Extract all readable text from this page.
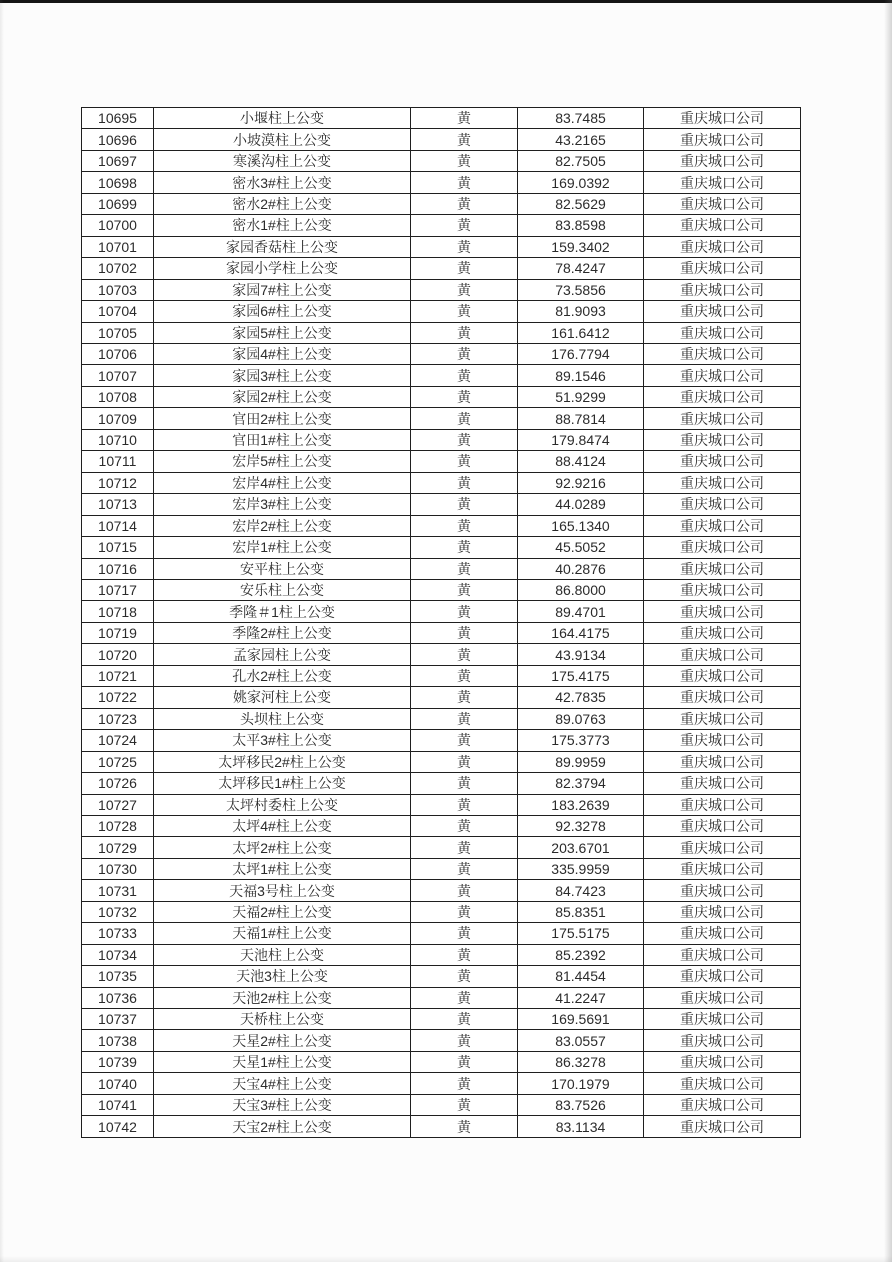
10695	小堰柱上公变	黄	83.7485	重庆城口公司
10696	小坡漠柱上公变	黄	43.2165	重庆城口公司
10697	寒溪沟柱上公变	黄	82.7505	重庆城口公司
10698	密水3#柱上公变	黄	169.0392	重庆城口公司
10699	密水2#柱上公变	黄	82.5629	重庆城口公司
10700	密水1#柱上公变	黄	83.8598	重庆城口公司
10701	家园香菇柱上公变	黄	159.3402	重庆城口公司
10702	家园小学柱上公变	黄	78.4247	重庆城口公司
10703	家园7#柱上公变	黄	73.5856	重庆城口公司
10704	家园6#柱上公变	黄	81.9093	重庆城口公司
10705	家园5#柱上公变	黄	161.6412	重庆城口公司
10706	家园4#柱上公变	黄	176.7794	重庆城口公司
10707	家园3#柱上公变	黄	89.1546	重庆城口公司
10708	家园2#柱上公变	黄	51.9299	重庆城口公司
10709	官田2#柱上公变	黄	88.7814	重庆城口公司
10710	官田1#柱上公变	黄	179.8474	重庆城口公司
10711	宏岸5#柱上公变	黄	88.4124	重庆城口公司
10712	宏岸4#柱上公变	黄	92.9216	重庆城口公司
10713	宏岸3#柱上公变	黄	44.0289	重庆城口公司
10714	宏岸2#柱上公变	黄	165.1340	重庆城口公司
10715	宏岸1#柱上公变	黄	45.5052	重庆城口公司
10716	安平柱上公变	黄	40.2876	重庆城口公司
10717	安乐柱上公变	黄	86.8000	重庆城口公司
10718	季隆＃1柱上公变	黄	89.4701	重庆城口公司
10719	季隆2#柱上公变	黄	164.4175	重庆城口公司
10720	孟家园柱上公变	黄	43.9134	重庆城口公司
10721	孔水2#柱上公变	黄	175.4175	重庆城口公司
10722	姚家河柱上公变	黄	42.7835	重庆城口公司
10723	头坝柱上公变	黄	89.0763	重庆城口公司
10724	太平3#柱上公变	黄	175.3773	重庆城口公司
10725	太坪移民2#柱上公变	黄	89.9959	重庆城口公司
10726	太坪移民1#柱上公变	黄	82.3794	重庆城口公司
10727	太坪村委柱上公变	黄	183.2639	重庆城口公司
10728	太坪4#柱上公变	黄	92.3278	重庆城口公司
10729	太坪2#柱上公变	黄	203.6701	重庆城口公司
10730	太坪1#柱上公变	黄	335.9959	重庆城口公司
10731	天福3号柱上公变	黄	84.7423	重庆城口公司
10732	天福2#柱上公变	黄	85.8351	重庆城口公司
10733	天福1#柱上公变	黄	175.5175	重庆城口公司
10734	天池柱上公变	黄	85.2392	重庆城口公司
10735	天池3柱上公变	黄	81.4454	重庆城口公司
10736	天池2#柱上公变	黄	41.2247	重庆城口公司
10737	天桥柱上公变	黄	169.5691	重庆城口公司
10738	天星2#柱上公变	黄	83.0557	重庆城口公司
10739	天星1#柱上公变	黄	86.3278	重庆城口公司
10740	天宝4#柱上公变	黄	170.1979	重庆城口公司
10741	天宝3#柱上公变	黄	83.7526	重庆城口公司
10742	天宝2#柱上公变	黄	83.1134	重庆城口公司
